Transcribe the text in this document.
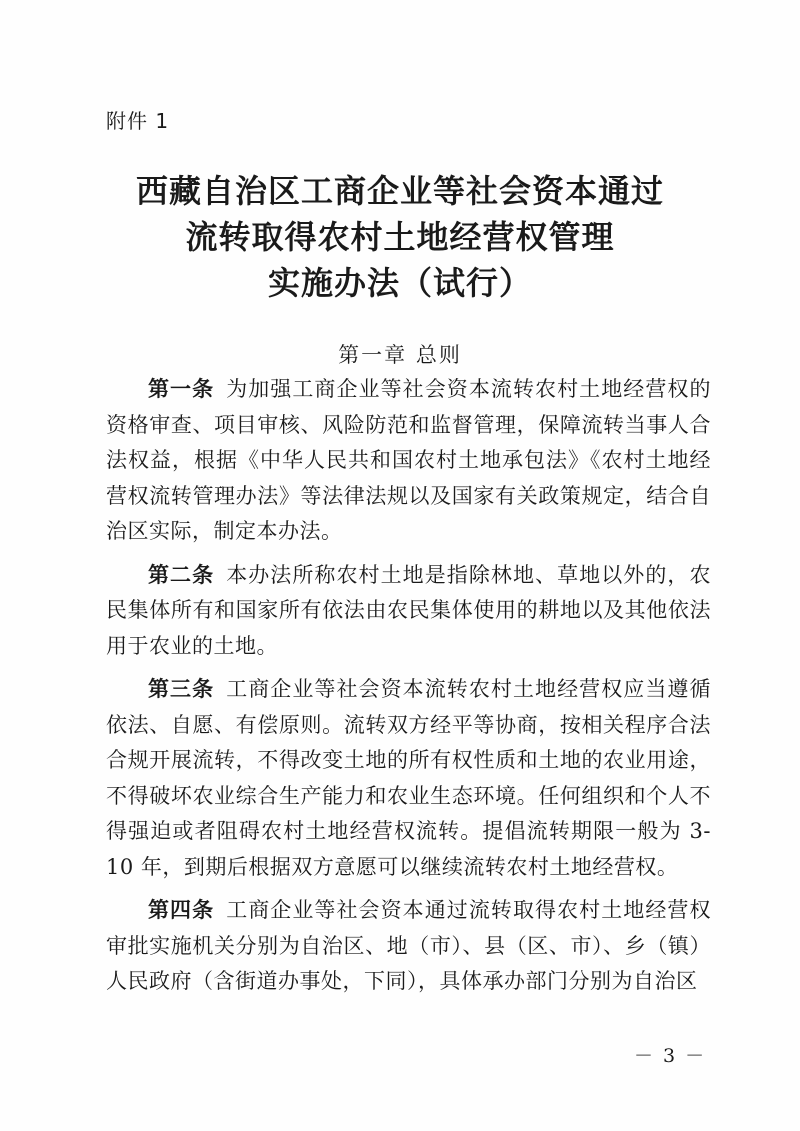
附件 1

西藏自治区工商企业等社会资本通过
流转取得农村土地经营权管理
实施办法（试行）

第一章 总则

第一条 为加强工商企业等社会资本流转农村土地经营权的资格审查、项目审核、风险防范和监督管理，保障流转当事人合法权益，根据《中华人民共和国农村土地承包法》《农村土地经营权流转管理办法》等法律法规以及国家有关政策规定，结合自治区实际，制定本办法。

第二条 本办法所称农村土地是指除林地、草地以外的，农民集体所有和国家所有依法由农民集体使用的耕地以及其他依法用于农业的土地。

第三条 工商企业等社会资本流转农村土地经营权应当遵循依法、自愿、有偿原则。流转双方经平等协商，按相关程序合法合规开展流转，不得改变土地的所有权性质和土地的农业用途，不得破坏农业综合生产能力和农业生态环境。任何组织和个人不得强迫或者阻碍农村土地经营权流转。提倡流转期限一般为 3-10 年，到期后根据双方意愿可以继续流转农村土地经营权。

第四条 工商企业等社会资本通过流转取得农村土地经营权审批实施机关分别为自治区、地（市）、县（区、市）、乡（镇）人民政府（含街道办事处，下同），具体承办部门分别为自治区

－ 3 －
